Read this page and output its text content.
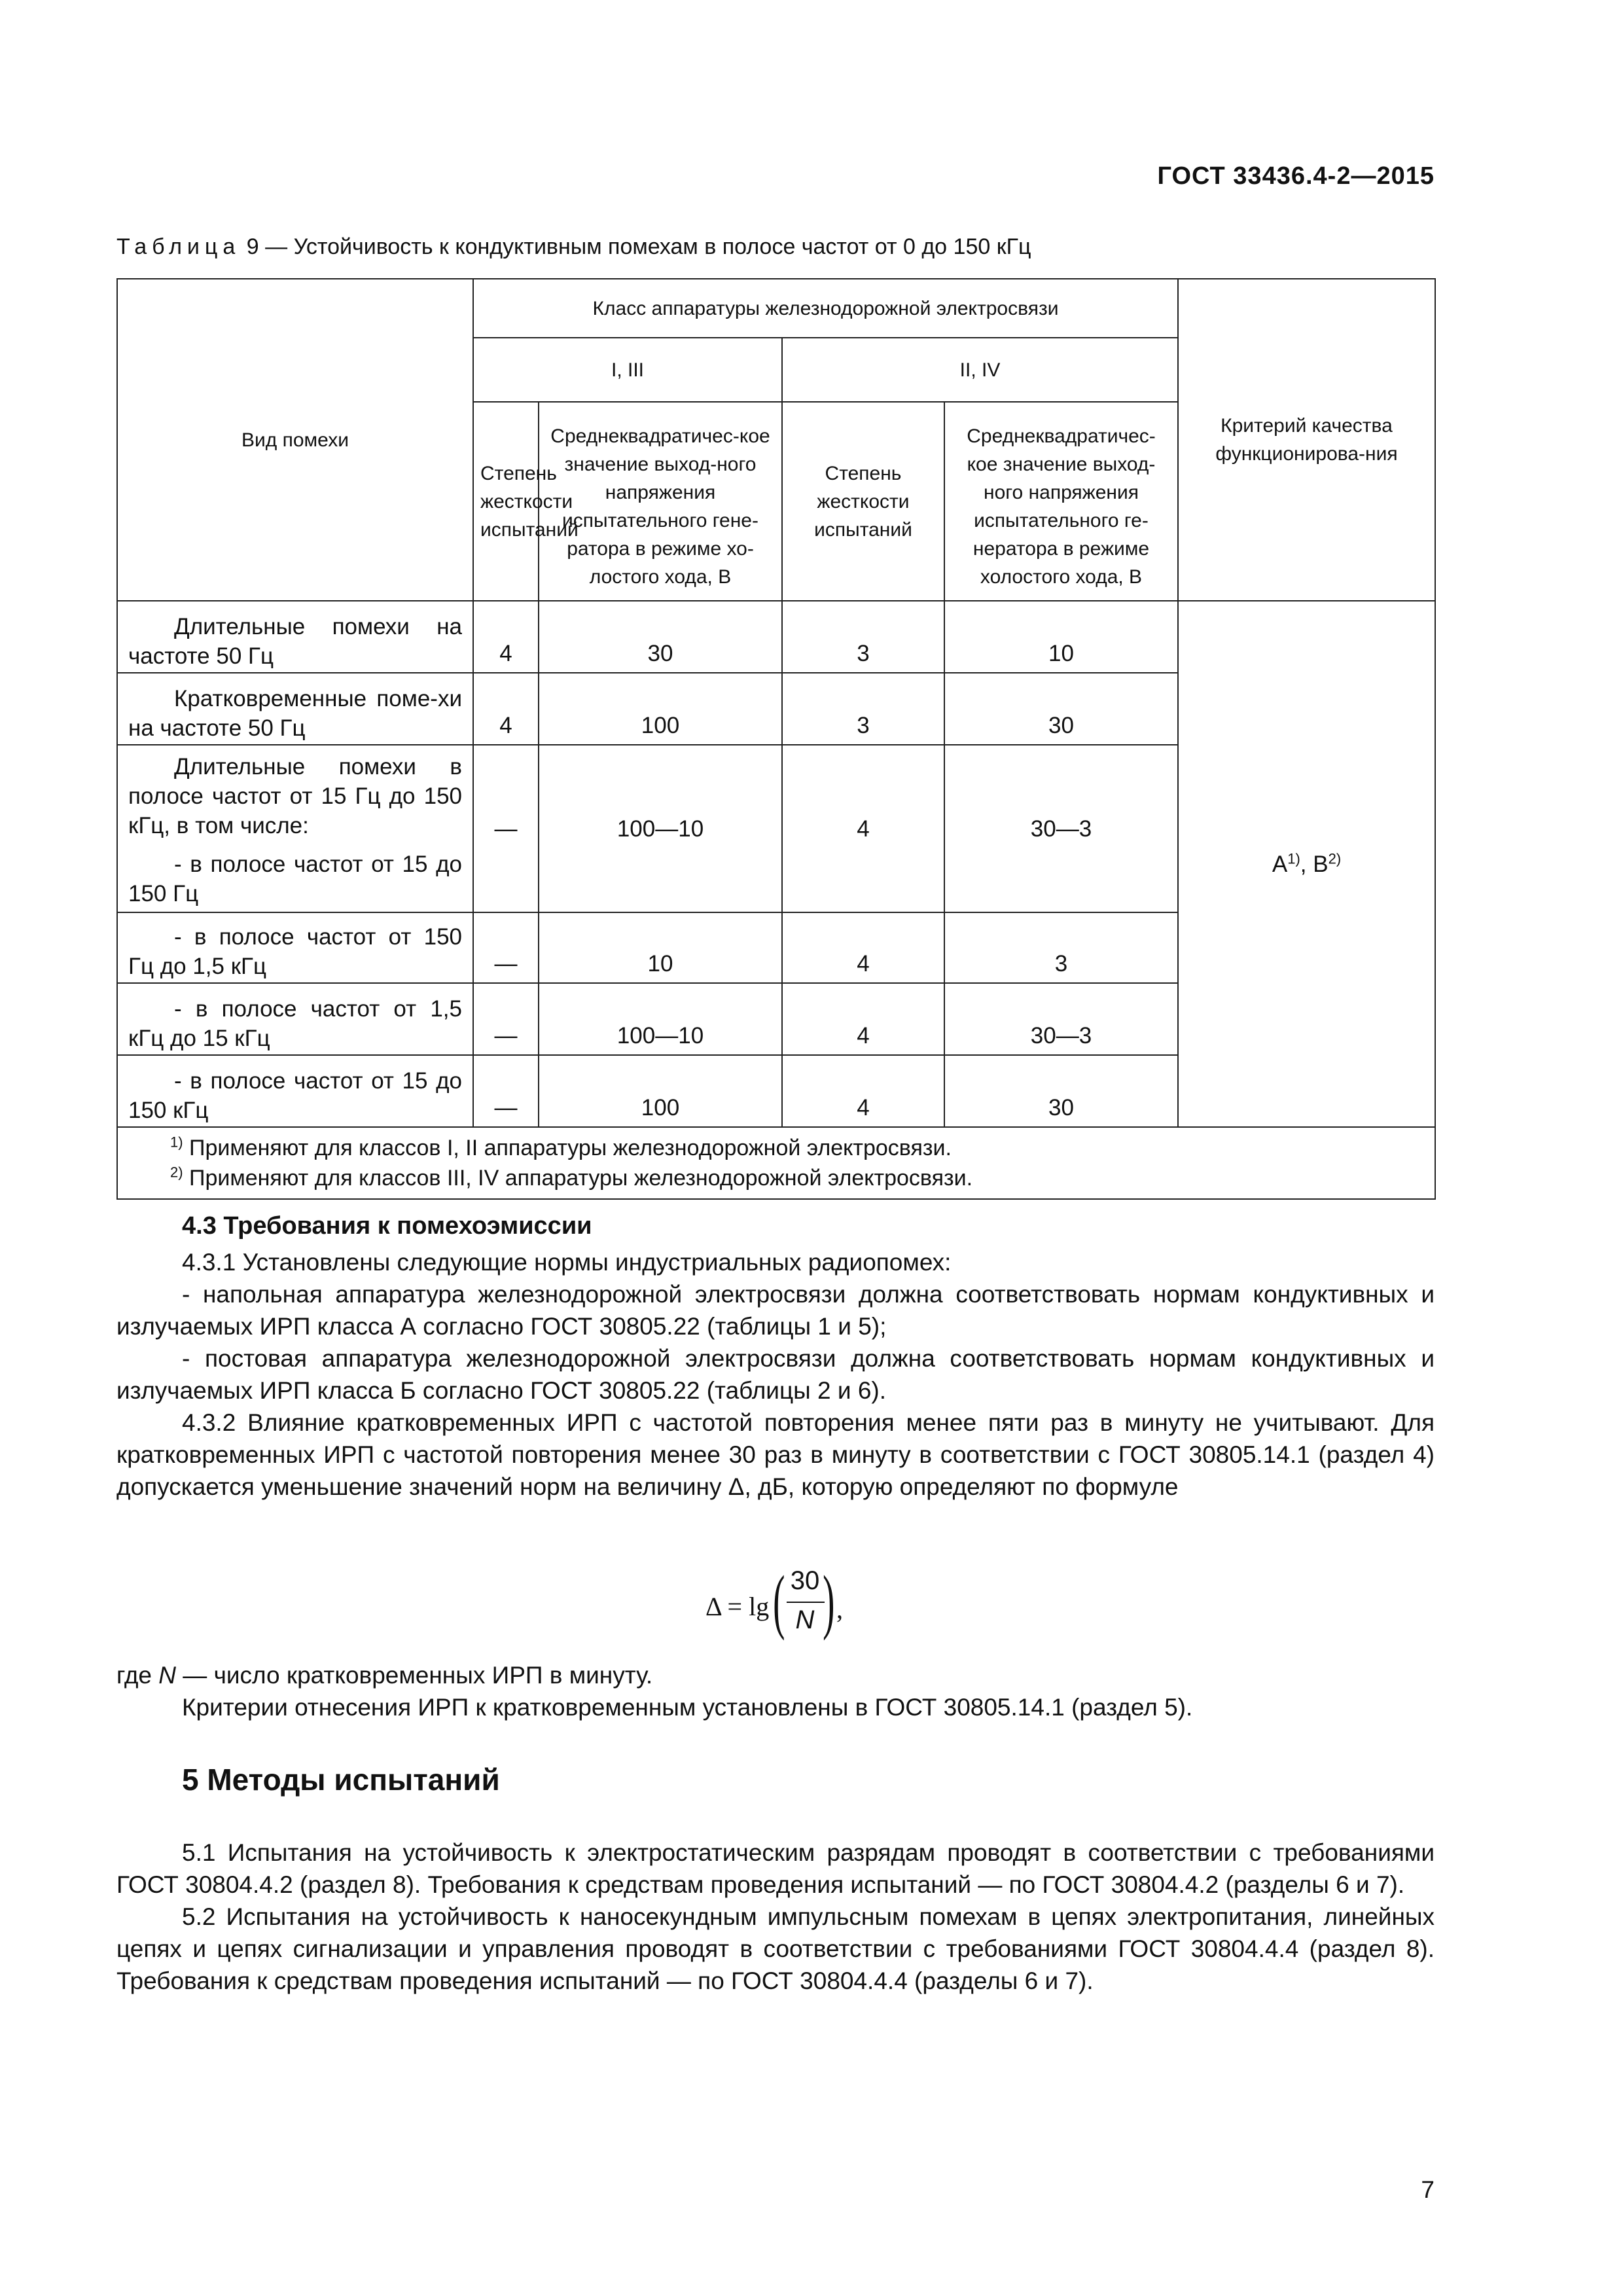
ГОСТ 33436.4-2—2015
Таблица 9 — Устойчивость к кондуктивным помехам в полосе частот от 0 до 150 кГц
Вид помехи	Класс аппаратуры железнодорожной электросвязи				Критерий качества функционирова-ния
	I, III		II, IV		
	Степень жесткости испытаний	Среднеквадратичес-кое значение выход-ного напряжения испытательного гене-ратора в режиме хо-лостого хода, В	Степень жесткости испытаний	Среднеквадратичес-кое значение выход-ного напряжения испытательного ге-нератора в режиме холостого хода, В	

Длительные помехи на частоте 50 Гц	4	30	3	10	$А^{1)}$, $В^{2)}$

Кратковременные поме-хи на частоте 50 Гц	4	100	3	30	

Длительные помехи в полосе частот от 15 Гц до 150 кГц, в том числе:

- в полосе частот от 15 до 150 Гц	—	100—10	4	30—3	

- в полосе частот от 150 Гц до 1,5 кГц	—	10	4	3	

- в полосе частот от 1,5 кГц до 15 кГц	—	100—10	4	30—3	

- в полосе частот от 15 до 150 кГц	—	100	4	30	

$^{1)}$ Применяют для классов I, II аппаратуры железнодорожной электросвязи.
$^{2)}$ Применяют для классов III, IV аппаратуры железнодорожной электросвязи.					
4.3 Требования к помехоэмиссии

4.3.1 Установлены следующие нормы индустриальных радиопомех:

- напольная аппаратура железнодорожной электросвязи должна соответствовать нормам кондуктивных и излучаемых ИРП класса А согласно ГОСТ 30805.22 (таблицы 1 и 5);

- постовая аппаратура железнодорожной электросвязи должна соответствовать нормам кондуктивных и излучаемых ИРП класса Б согласно ГОСТ 30805.22 (таблицы 2 и 6).

4.3.2 Влияние кратковременных ИРП с частотой повторения менее пяти раз в минуту не учитывают. Для кратковременных ИРП с частотой повторения менее 30 раз в минуту в соответствии с ГОСТ 30805.14.1 (раздел 4) допускается уменьшение значений норм на величину Δ, дБ, которую определяют по формуле

Δ = lg ( 30
N ) ,
где N — число кратковременных ИРП в минуту.

Критерии отнесения ИРП к кратковременным установлены в ГОСТ 30805.14.1 (раздел 5).

5 Методы испытаний

5.1 Испытания на устойчивость к электростатическим разрядам проводят в соответствии с требованиями ГОСТ 30804.4.2 (раздел 8). Требования к средствам проведения испытаний — по ГОСТ 30804.4.2 (разделы 6 и 7).

5.2 Испытания на устойчивость к наносекундным импульсным помехам в цепях электропитания, линейных цепях и цепях сигнализации и управления проводят в соответствии с требованиями ГОСТ 30804.4.4 (раздел 8). Требования к средствам проведения испытаний — по ГОСТ 30804.4.4 (разделы 6 и 7).

7
